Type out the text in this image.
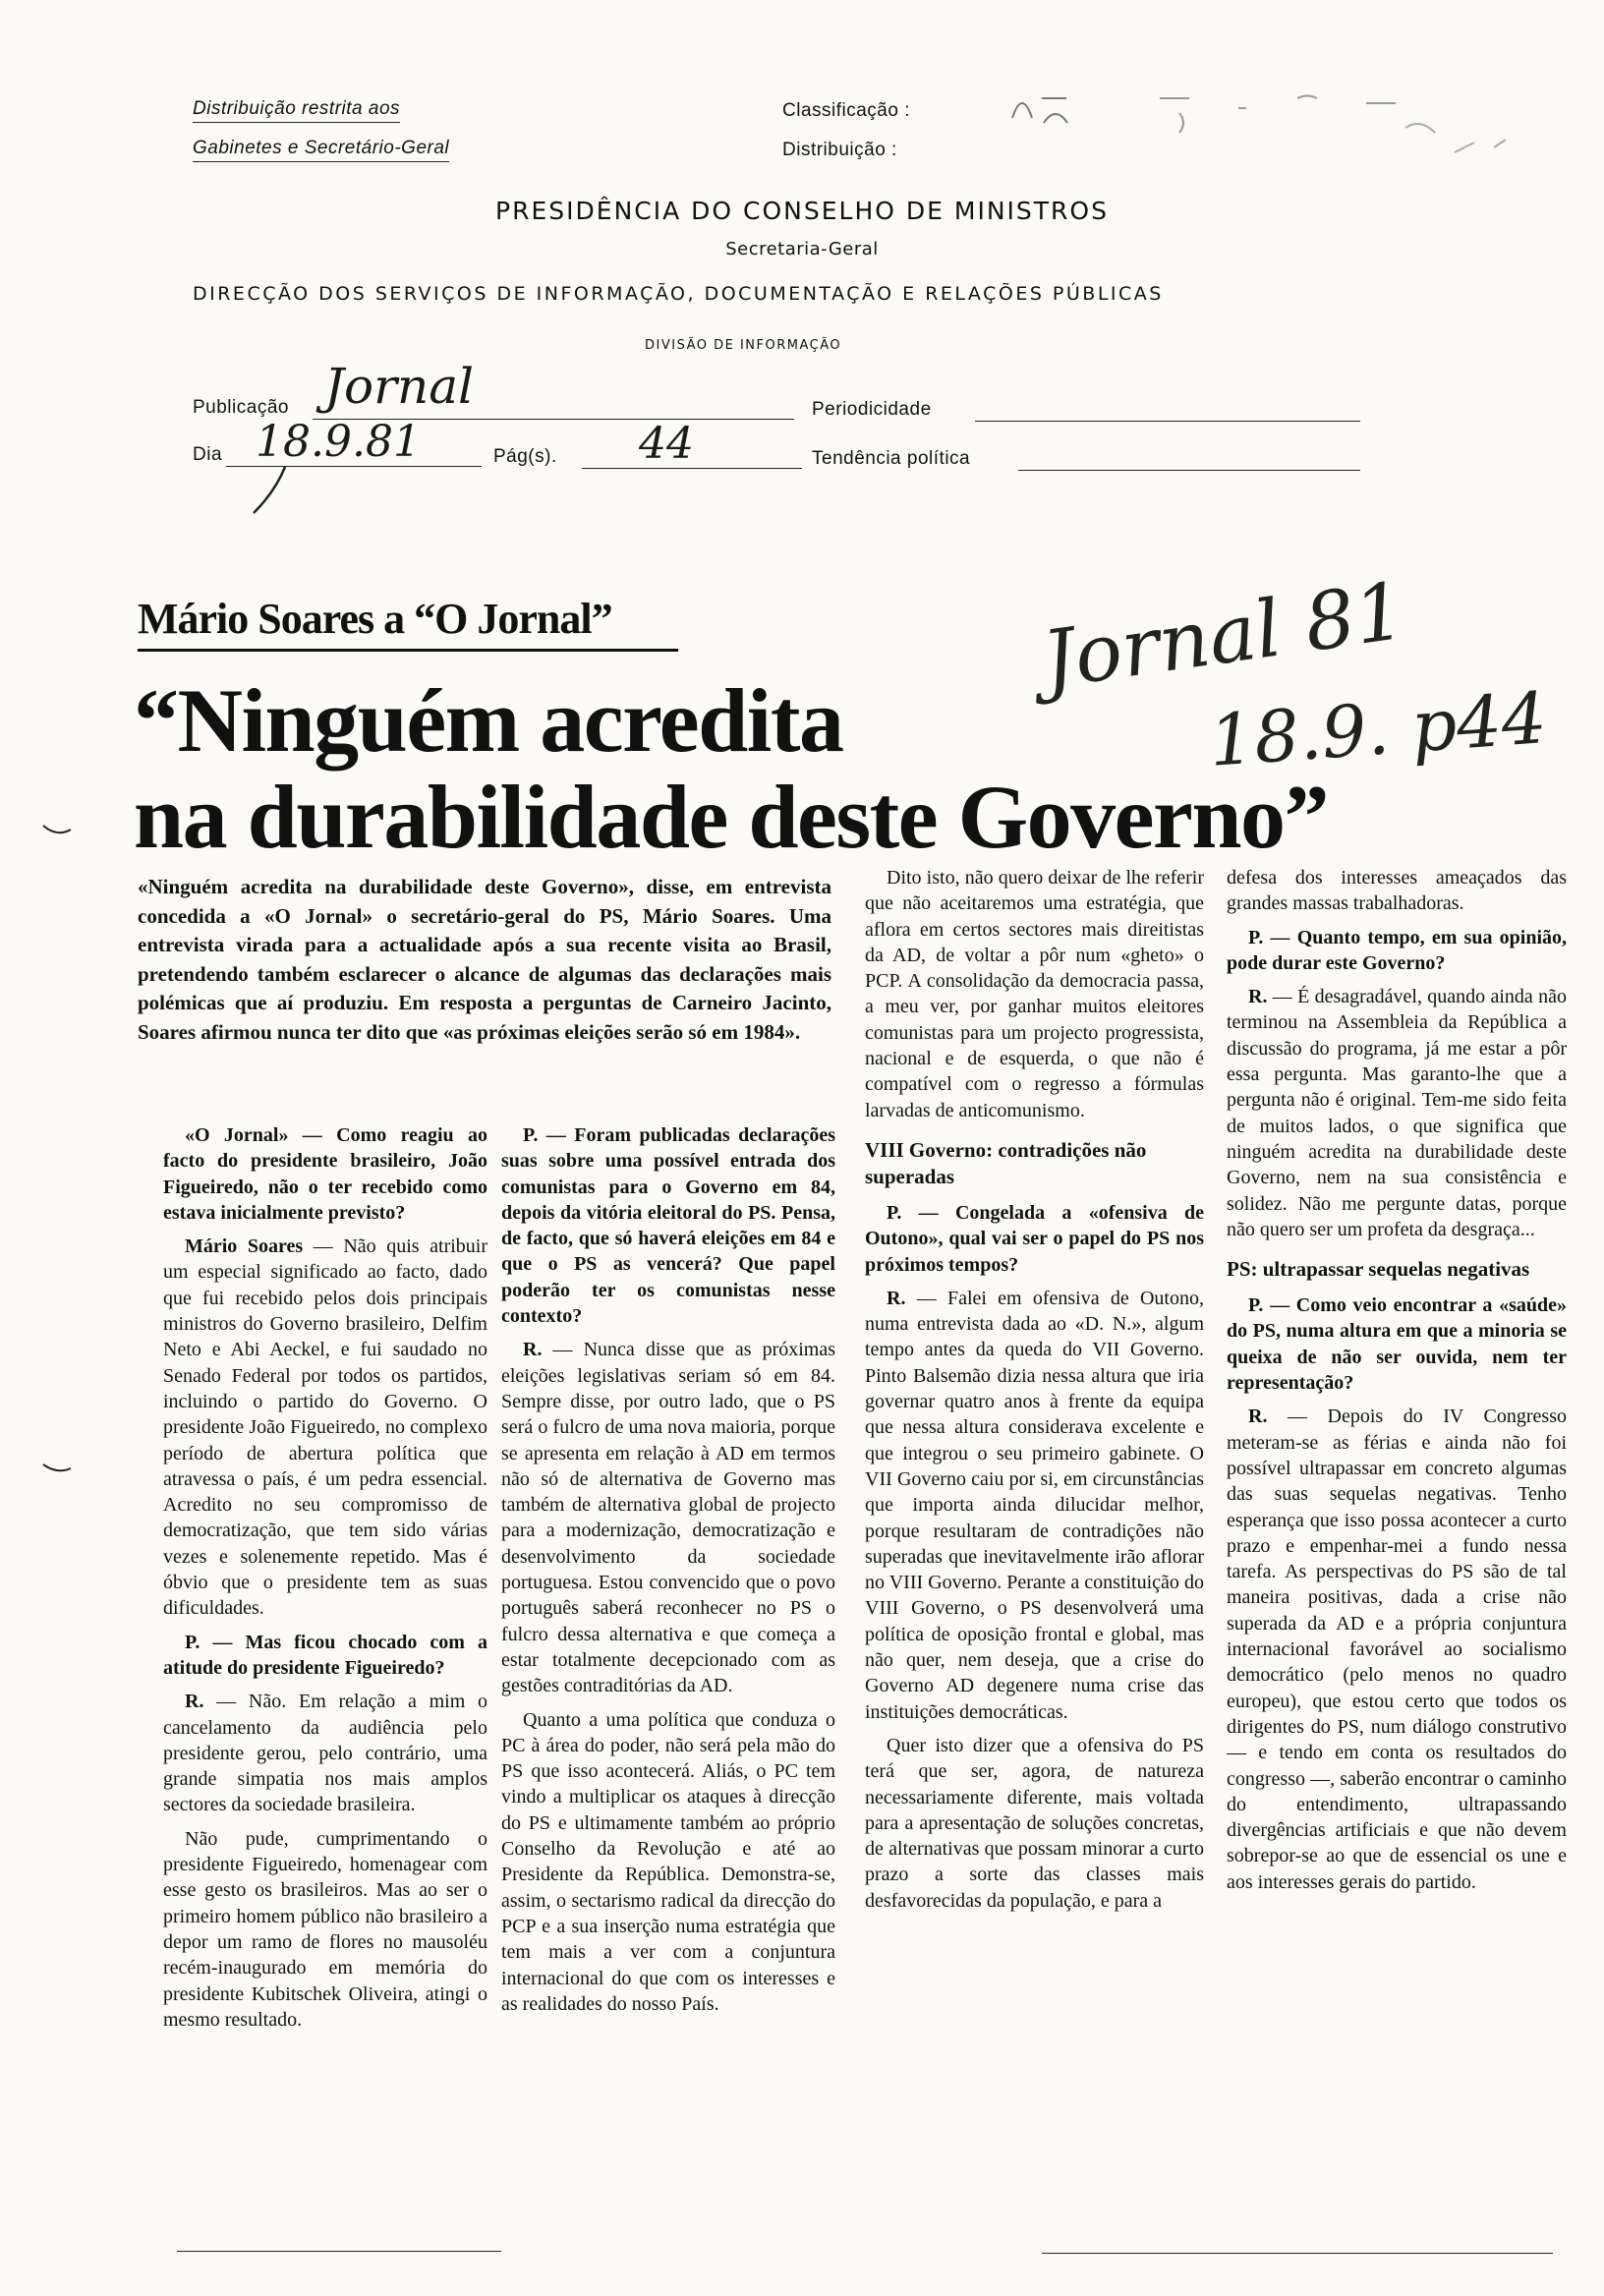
Distribuição restrita aos
Gabinetes e Secretário-Geral
Classificação :
Distribuição :
PRESIDÊNCIA DO CONSELHO DE MINISTROS
Secretaria-Geral
DIRECÇÃO DOS SERVIÇOS DE INFORMAÇÃO, DOCUMENTAÇÃO E RELAÇÕES PÚBLICAS
DIVISÃO DE INFORMAÇÃO
Publicação Jornal	Periodicidade
Dia 18.9.81	Pág(s). 44	Tendência política
Mário Soares a “O Jornal”
“Ninguém acredita
na durabilidade deste Governo”
Jornal 81
18.9. p44
«Ninguém acredita na durabilidade deste Governo», disse, em entrevista concedida a «O Jornal» o secretário-geral do PS, Mário Soares. Uma entrevista virada para a actualidade após a sua recente visita ao Brasil, pretendendo também esclarecer o alcance de algumas das declarações mais polémicas que aí produziu. Em resposta a perguntas de Carneiro Jacinto, Soares afirmou nunca ter dito que «as próximas eleições serão só em 1984».

«O Jornal» — Como reagiu ao facto do presidente brasileiro, João Figueiredo, não o ter recebido como estava inicialmente previsto?

Mário Soares — Não quis atribuir um especial significado ao facto, dado que fui recebido pelos dois principais ministros do Governo brasileiro, Delfim Neto e Abi Aeckel, e fui saudado no Senado Federal por todos os partidos, incluindo o partido do Governo. O presidente João Figueiredo, no complexo período de abertura política que atravessa o país, é um pedra essencial. Acredito no seu compromisso de democratização, que tem sido várias vezes e solenemente repetido. Mas é óbvio que o presidente tem as suas dificuldades.

P. — Mas ficou chocado com a atitude do presidente Figueiredo?

R. — Não. Em relação a mim o cancelamento da audiência pelo presidente gerou, pelo contrário, uma grande simpatia nos mais amplos sectores da sociedade brasileira.

Não pude, cumprimentando o presidente Figueiredo, homenagear com esse gesto os brasileiros. Mas ao ser o primeiro homem público não brasileiro a depor um ramo de flores no mausoléu recém-inaugurado em memória do presidente Kubitschek Oliveira, atingi o mesmo resultado.

P. — Foram publicadas declarações suas sobre uma possível entrada dos comunistas para o Governo em 84, depois da vitória eleitoral do PS. Pensa, de facto, que só haverá eleições em 84 e que o PS as vencerá? Que papel poderão ter os comunistas nesse contexto?

R. — Nunca disse que as próximas eleições legislativas seriam só em 84. Sempre disse, por outro lado, que o PS será o fulcro de uma nova maioria, porque se apresenta em relação à AD em termos não só de alternativa de Governo mas também de alternativa global de projecto para a modernização, democratização e desenvolvimento da sociedade portuguesa. Estou convencido que o povo português saberá reconhecer no PS o fulcro dessa alternativa e que começa a estar totalmente decepcionado com as gestões contraditórias da AD.

Quanto a uma política que conduza o PC à área do poder, não será pela mão do PS que isso acontecerá. Aliás, o PC tem vindo a multiplicar os ataques à direcção do PS e ultimamente também ao próprio Conselho da Revolução e até ao Presidente da República. Demonstra-se, assim, o sectarismo radical da direcção do PCP e a sua inserção numa estratégia que tem mais a ver com a conjuntura internacional do que com os interesses e as realidades do nosso País.

Dito isto, não quero deixar de lhe referir que não aceitaremos uma estratégia, que aflora em certos sectores mais direitistas da AD, de voltar a pôr num «gheto» o PCP. A consolidação da democracia passa, a meu ver, por ganhar muitos eleitores comunistas para um projecto progressista, nacional e de esquerda, o que não é compatível com o regresso a fórmulas larvadas de anticomunismo.

VIII Governo: contradições não superadas

P. — Congelada a «ofensiva de Outono», qual vai ser o papel do PS nos próximos tempos?

R. — Falei em ofensiva de Outono, numa entrevista dada ao «D. N.», algum tempo antes da queda do VII Governo. Pinto Balsemão dizia nessa altura que iria governar quatro anos à frente da equipa que nessa altura considerava excelente e que integrou o seu primeiro gabinete. O VII Governo caiu por si, em circunstâncias que importa ainda dilucidar melhor, porque resultaram de contradições não superadas que inevitavelmente irão aflorar no VIII Governo. Perante a constituição do VIII Governo, o PS desenvolverá uma política de oposição frontal e global, mas não quer, nem deseja, que a crise do Governo AD degenere numa crise das instituições democráticas.

Quer isto dizer que a ofensiva do PS terá que ser, agora, de natureza necessariamente diferente, mais voltada para a apresentação de soluções concretas, de alternativas que possam minorar a curto prazo a sorte das classes mais desfavorecidas da população, e para a

defesa dos interesses ameaçados das grandes massas trabalhadoras.

P. — Quanto tempo, em sua opinião, pode durar este Governo?

R. — É desagradável, quando ainda não terminou na Assembleia da República a discussão do programa, já me estar a pôr essa pergunta. Mas garanto-lhe que a pergunta não é original. Tem-me sido feita de muitos lados, o que significa que ninguém acredita na durabilidade deste Governo, nem na sua consistência e solidez. Não me pergunte datas, porque não quero ser um profeta da desgraça...

PS: ultrapassar sequelas negativas

P. — Como veio encontrar a «saúde» do PS, numa altura em que a minoria se queixa de não ser ouvida, nem ter representação?

R. — Depois do IV Congresso meteram-se as férias e ainda não foi possível ultrapassar em concreto algumas das suas sequelas negativas. Tenho esperança que isso possa acontecer a curto prazo e empenhar-mei a fundo nessa tarefa. As perspectivas do PS são de tal maneira positivas, dada a crise não superada da AD e a própria conjuntura internacional favorável ao socialismo democrático (pelo menos no quadro europeu), que estou certo que todos os dirigentes do PS, num diálogo construtivo — e tendo em conta os resultados do congresso —, saberão encontrar o caminho do entendimento, ultrapassando divergências artificiais e que não devem sobrepor-se ao que de essencial os une e aos interesses gerais do partido.
